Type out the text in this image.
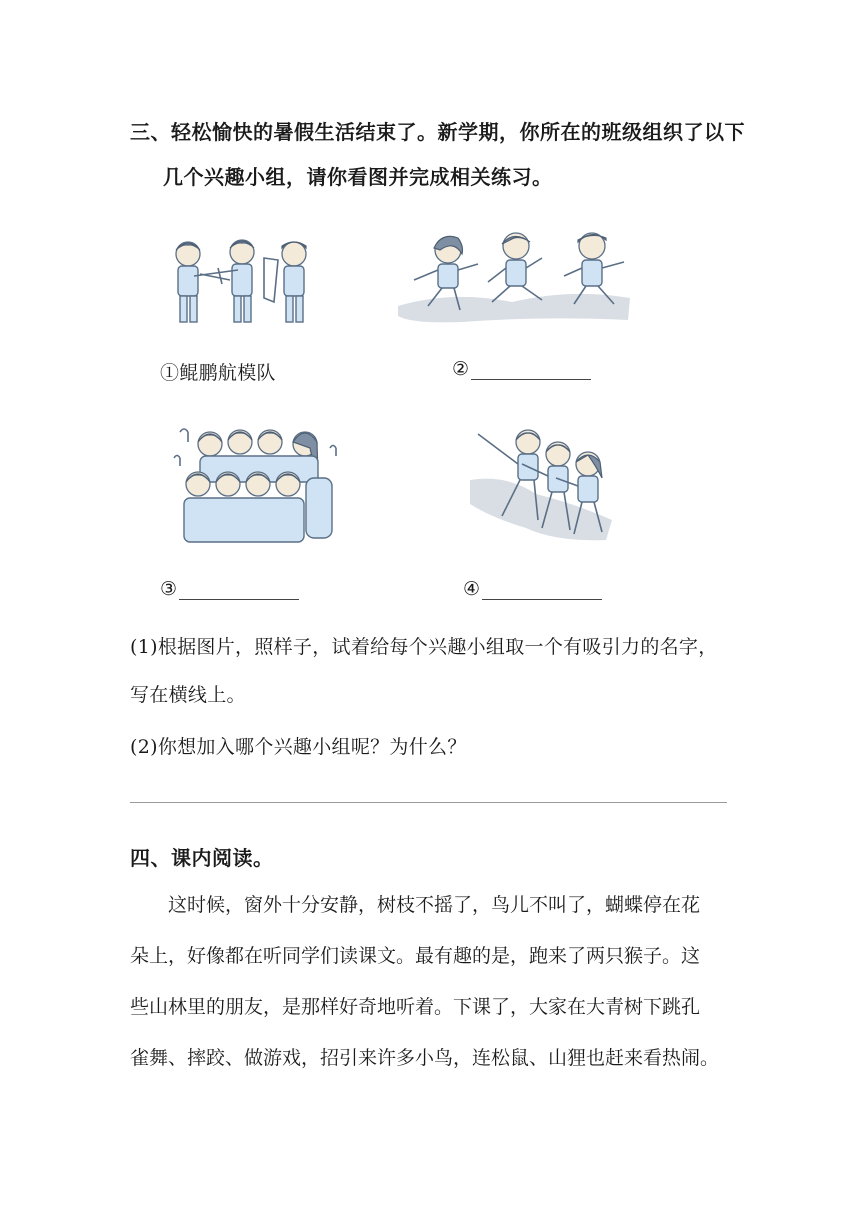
三、轻松愉快的暑假生活结束了。新学期，你所在的班级组织了以下
几个兴趣小组，请你看图并完成相关练习。
①鲲鹏航模队	②
③	④
(1)根据图片，照样子，试着给每个兴趣小组取一个有吸引力的名字，
写在横线上。
(2)你想加入哪个兴趣小组呢？为什么？
四、课内阅读。
　　这时候，窗外十分安静，树枝不摇了，鸟儿不叫了，蝴蝶停在花
朵上，好像都在听同学们读课文。最有趣的是，跑来了两只猴子。这
些山林里的朋友，是那样好奇地听着。下课了，大家在大青树下跳孔
雀舞、摔跤、做游戏，招引来许多小鸟，连松鼠、山狸也赶来看热闹。
